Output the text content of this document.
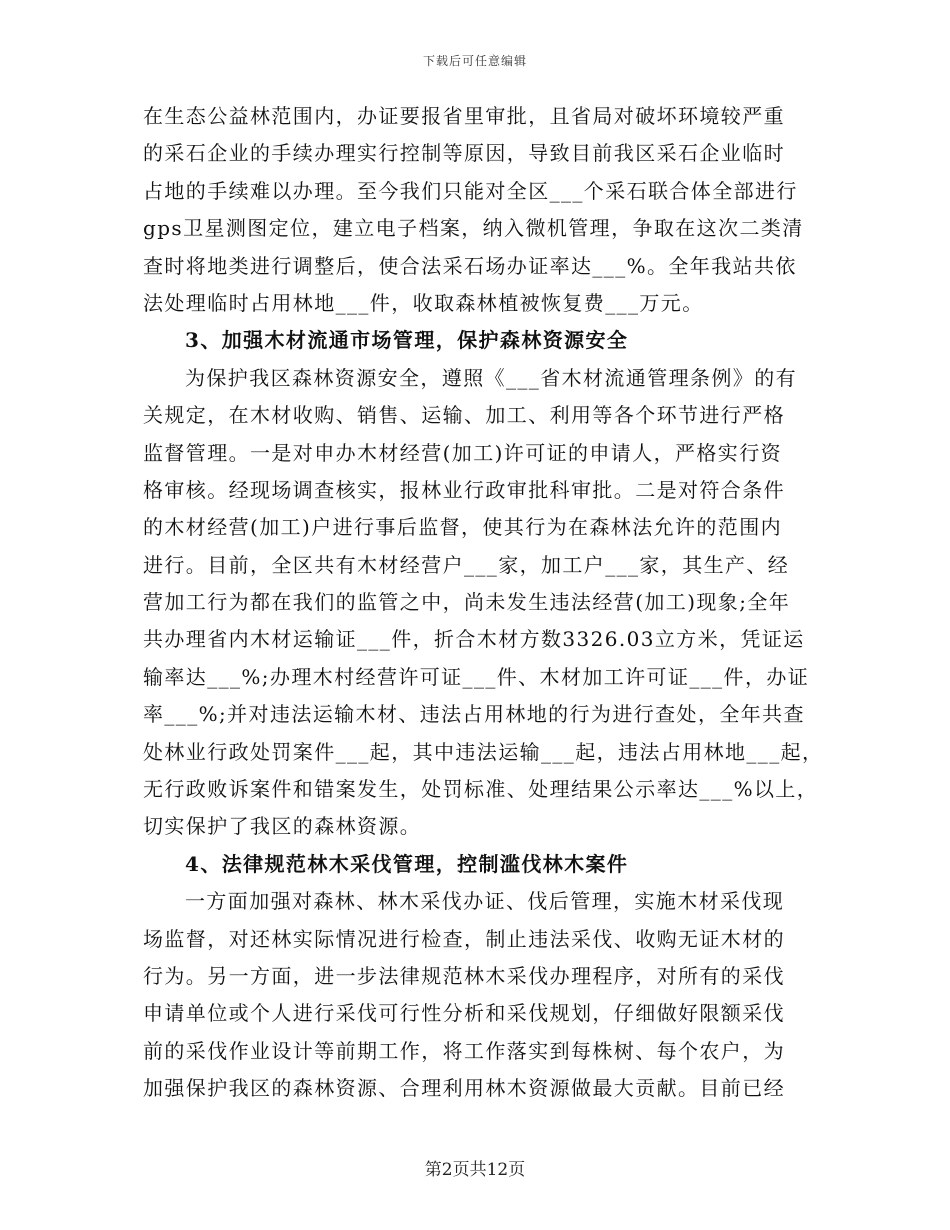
下载后可任意编辑
在生态公益林范围内，办证要报省里审批，且省局对破坏环境较严重
的采石企业的手续办理实行控制等原因，导致目前我区采石企业临时
占地的手续难以办理。至今我们只能对全区___个采石联合体全部进行
gps卫星测图定位，建立电子档案，纳入微机管理，争取在这次二类清
查时将地类进行调整后，使合法采石场办证率达___%。全年我站共依
法处理临时占用林地___件，收取森林植被恢复费___万元。
3、加强木材流通市场管理，保护森林资源安全
为保护我区森林资源安全，遵照《___省木材流通管理条例》的有
关规定，在木材收购、销售、运输、加工、利用等各个环节进行严格
监督管理。一是对申办木材经营(加工)许可证的申请人，严格实行资
格审核。经现场调查核实，报林业行政审批科审批。二是对符合条件
的木材经营(加工)户进行事后监督，使其行为在森林法允许的范围内
进行。目前，全区共有木材经营户___家，加工户___家，其生产、经
营加工行为都在我们的监管之中，尚未发生违法经营(加工)现象;全年
共办理省内木材运输证___件，折合木材方数3326.03立方米，凭证运
输率达___%;办理木村经营许可证___件、木材加工许可证___件，办证
率___%;并对违法运输木材、违法占用林地的行为进行查处，全年共查
处林业行政处罚案件___起，其中违法运输___起，违法占用林地___起，
无行政败诉案件和错案发生，处罚标准、处理结果公示率达___%以上，
切实保护了我区的森林资源。
4、法律规范林木采伐管理，控制滥伐林木案件
一方面加强对森林、林木采伐办证、伐后管理，实施木材采伐现
场监督，对还林实际情况进行检查，制止违法采伐、收购无证木材的
行为。另一方面，进一步法律规范林木采伐办理程序，对所有的采伐
申请单位或个人进行采伐可行性分析和采伐规划，仔细做好限额采伐
前的采伐作业设计等前期工作，将工作落实到每株树、每个农户，为
加强保护我区的森林资源、合理利用林木资源做最大贡献。目前已经
第2页共12页
